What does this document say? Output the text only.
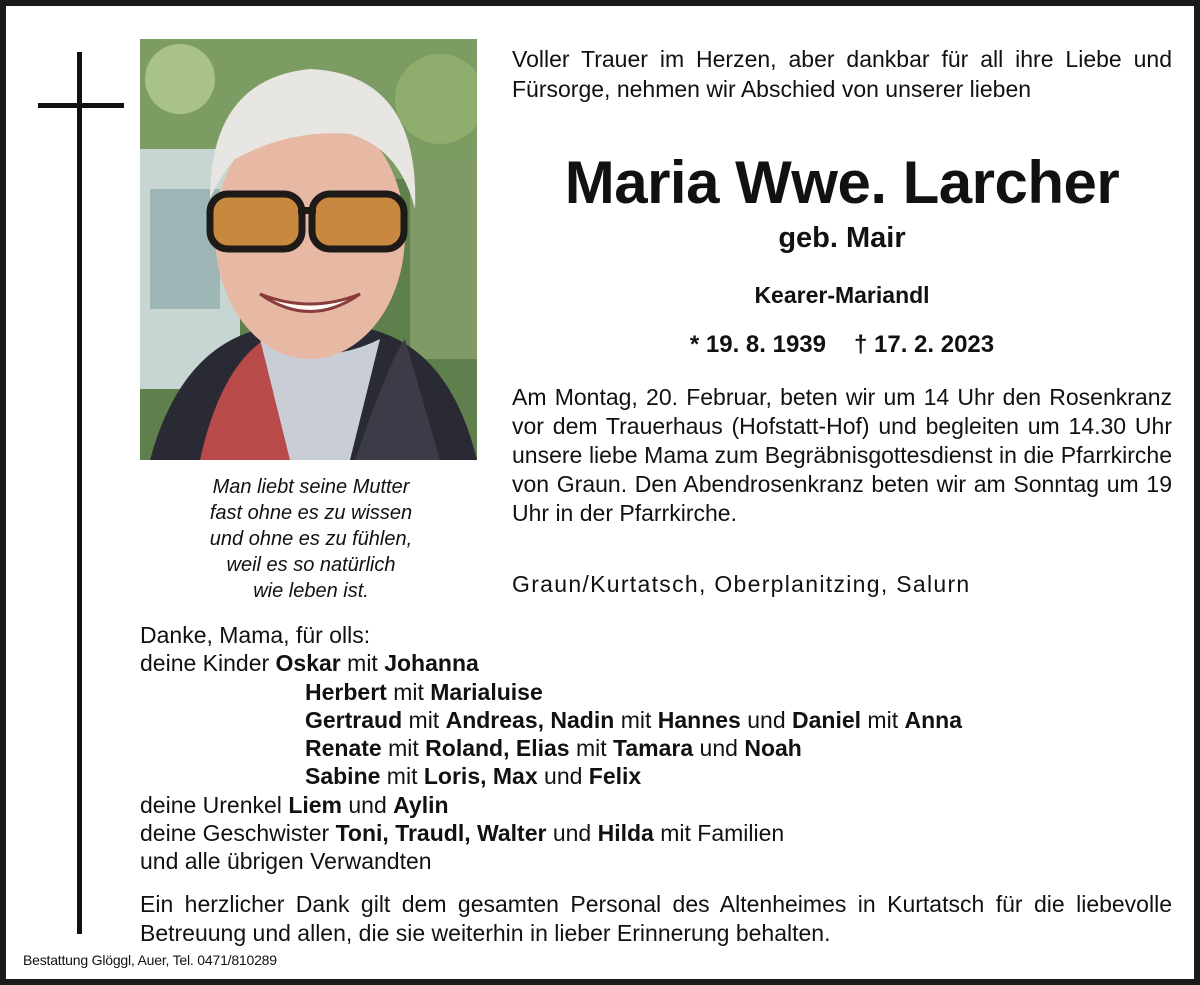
Man liebt seine Mutter
fast ohne es zu wissen
und ohne es zu fühlen,
weil es so natürlich
wie leben ist.
Voller Trauer im Herzen, aber dankbar für all ihre Liebe und Fürsorge, nehmen wir Abschied von unserer lieben
Maria Wwe. Larcher
geb. Mair
Kearer-Mariandl
* 19. 8. 1939 † 17. 2. 2023
Am Montag, 20. Februar, beten wir um 14 Uhr den Rosenkranz vor dem Trauerhaus (Hofstatt-Hof) und begleiten um 14.30 Uhr unsere liebe Mama zum Begräbnisgottesdienst in die Pfarrkirche von Graun. Den Abendrosenkranz beten wir am Sonntag um 19 Uhr in der Pfarrkirche.
Graun/Kurtatsch, Oberplanitzing, Salurn
Danke, Mama, für olls:
deine Kinder Oskar mit Johanna
Herbert mit Marialuise
Gertraud mit Andreas, Nadin mit Hannes und Daniel mit Anna
Renate mit Roland, Elias mit Tamara und Noah
Sabine mit Loris, Max und Felix
deine Urenkel Liem und Aylin
deine Geschwister Toni, Traudl, Walter und Hilda mit Familien
und alle übrigen Verwandten
Ein herzlicher Dank gilt dem gesamten Personal des Altenheimes in Kurtatsch für die liebevolle Betreuung und allen, die sie weiterhin in lieber Erinnerung behalten.
Bestattung Glöggl, Auer, Tel. 0471/810289
